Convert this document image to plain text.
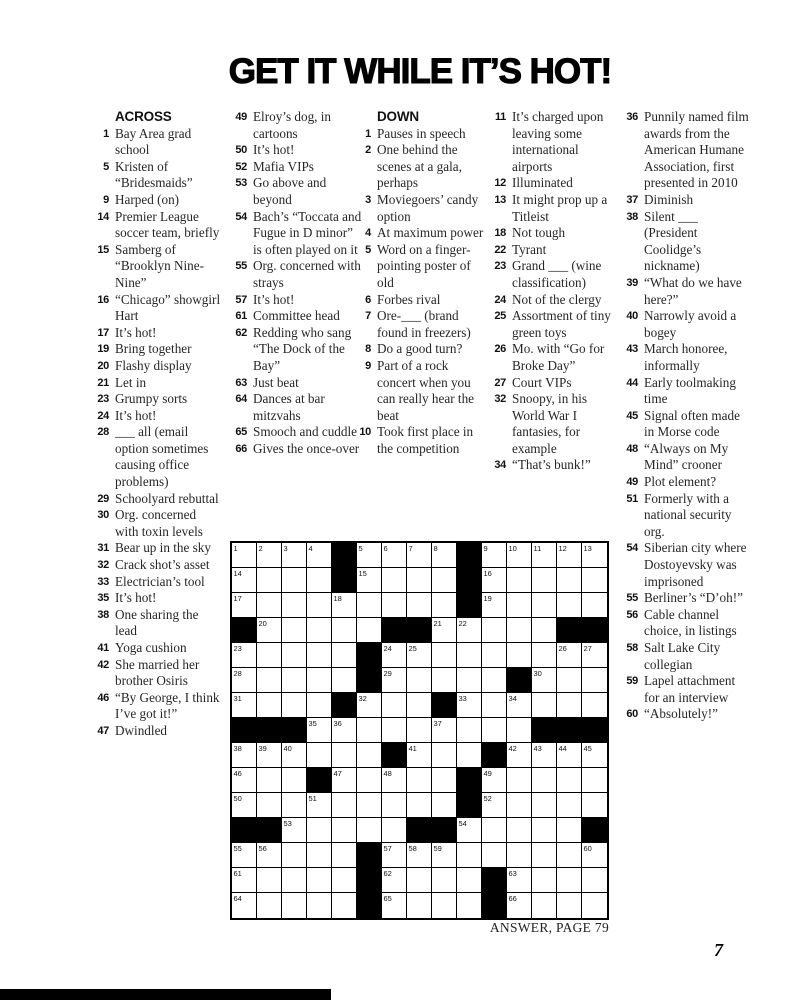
GET IT WHILE IT’S HOT!
ACROSS
1 Bay Area grad school
5 Kristen of “Bridesmaids”
9 Harped (on)
14 Premier League soccer team, briefly
15 Samberg of “Brooklyn Nine-Nine”
16 “Chicago” showgirl Hart
17 It’s hot!
19 Bring together
20 Flashy display
21 Let in
23 Grumpy sorts
24 It’s hot!
28 ___ all (email option sometimes causing office problems)
29 Schoolyard rebuttal
30 Org. concerned with toxin levels
31 Bear up in the sky
32 Crack shot’s asset
33 Electrician’s tool
35 It’s hot!
38 One sharing the lead
41 Yoga cushion
42 She married her brother Osiris
46 “By George, I think I’ve got it!”
47 Dwindled
49 Elroy’s dog, in cartoons
50 It’s hot!
52 Mafia VIPs
53 Go above and beyond
54 Bach’s “Toccata and Fugue in D minor” is often played on it
55 Org. concerned with strays
57 It’s hot!
61 Committee head
62 Redding who sang “The Dock of the Bay”
63 Just beat
64 Dances at bar mitzvahs
65 Smooch and cuddle
66 Gives the once-over
DOWN
1 Pauses in speech
2 One behind the scenes at a gala, perhaps
3 Moviegoers’ candy option
4 At maximum power
5 Word on a finger-pointing poster of old
6 Forbes rival
7 Ore-___ (brand found in freezers)
8 Do a good turn?
9 Part of a rock concert when you can really hear the beat
10 Took first place in the competition
11 It’s charged upon leaving some international airports
12 Illuminated
13 It might prop up a Titleist
18 Not tough
22 Tyrant
23 Grand ___ (wine classification)
24 Not of the clergy
25 Assortment of tiny green toys
26 Mo. with “Go for Broke Day”
27 Court VIPs
32 Snoopy, in his World War I fantasies, for example
34 “That’s bunk!”
36 Punnily named film awards from the American Humane Association, first presented in 2010
37 Diminish
38 Silent ___ (President Coolidge’s nickname)
39 “What do we have here?”
40 Narrowly avoid a bogey
43 March honoree, informally
44 Early toolmaking time
45 Signal often made in Morse code
48 “Always on My Mind” crooner
49 Plot element?
51 Formerly with a national security org.
54 Siberian city where Dostoyevsky was imprisoned
55 Berliner’s “D’oh!”
56 Cable channel choice, in listings
58 Salt Lake City collegian
59 Lapel attachment for an interview
60 “Absolutely!”
1	2	3	4	5	6	7	8	9	10 11 12 13
14	15	16
17	18	19
20	21 22
23	24 25	26 27
28	29	30
31	32	33	34
35 36	37
38 39 40	41	42 43 44 45
46	47	48	49
50	51	52
53	54
55 56	57 58 59	60
61	62	63
64	65	66
ANSWER, PAGE 79
7
